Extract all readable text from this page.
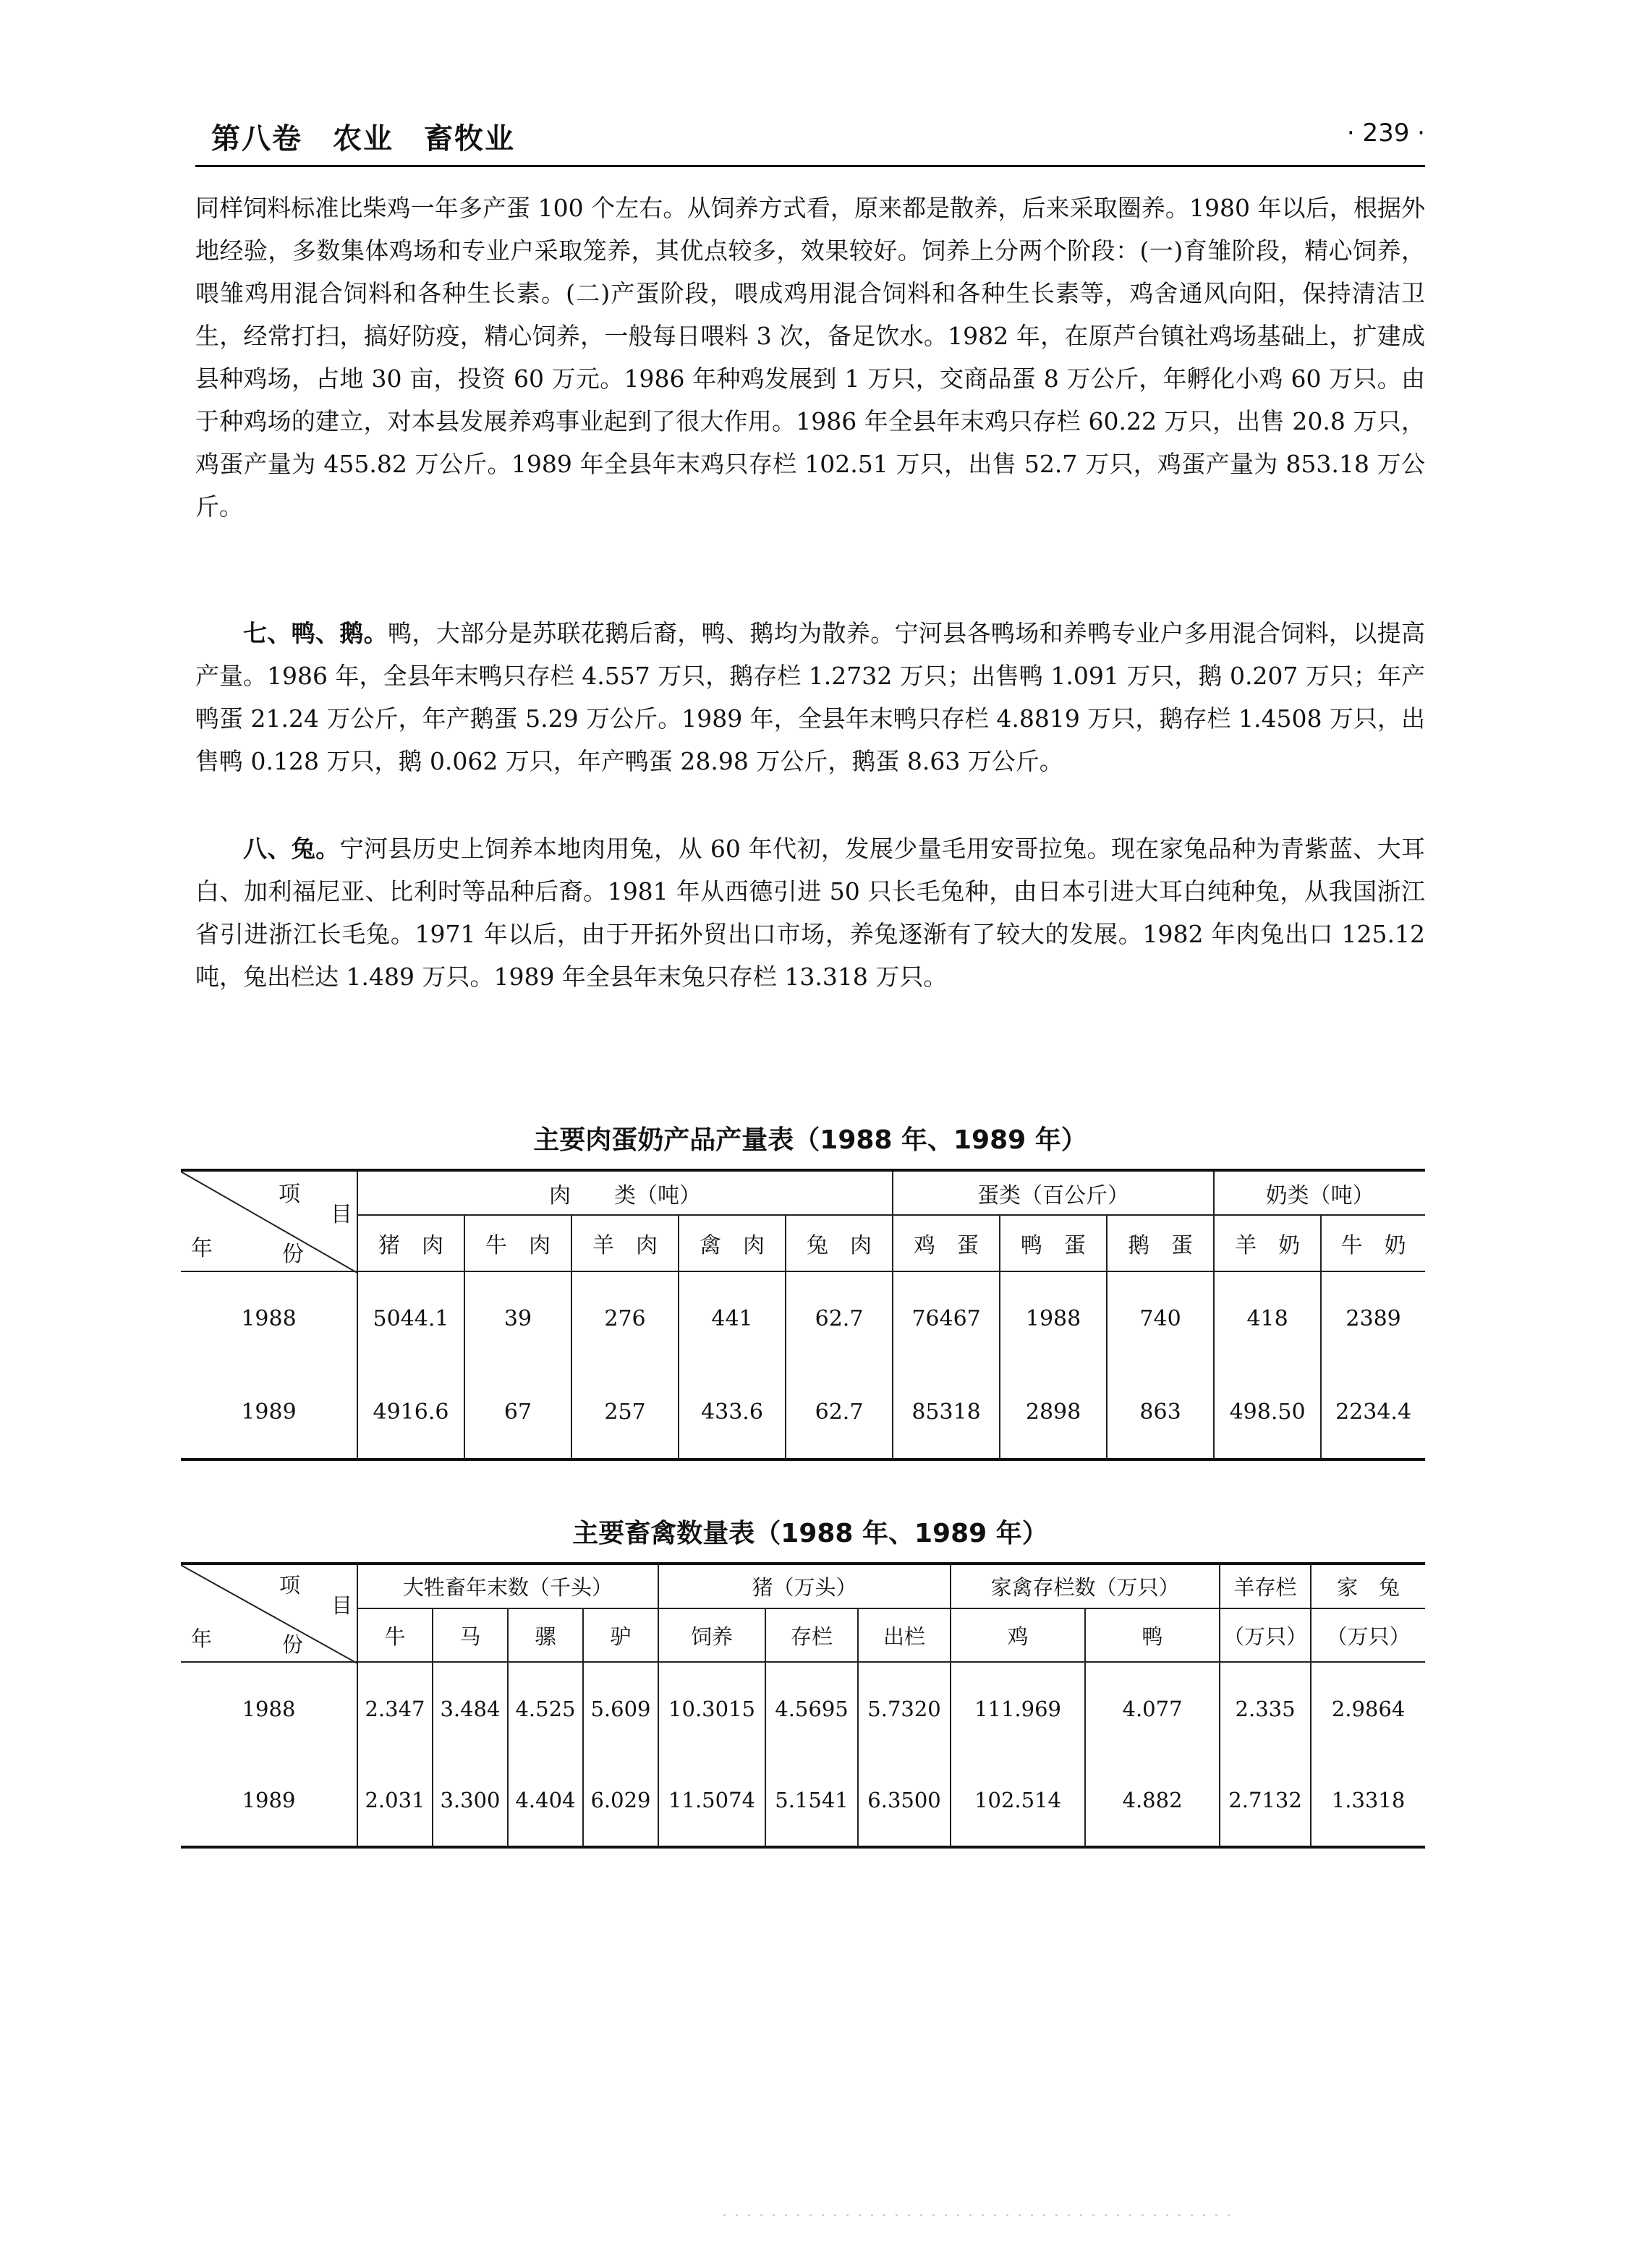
第八卷　农业　畜牧业	· 239 ·
同样饲料标准比柴鸡一年多产蛋 100 个左右。从饲养方式看，原来都是散养，后来采取圈养。1980 年以后，根据外地经验，多数集体鸡场和专业户采取笼养，其优点较多，效果较好。饲养上分两个阶段：(一)育雏阶段，精心饲养，喂雏鸡用混合饲料和各种生长素。(二)产蛋阶段，喂成鸡用混合饲料和各种生长素等，鸡舍通风向阳，保持清洁卫生，经常打扫，搞好防疫，精心饲养，一般每日喂料 3 次，备足饮水。1982 年，在原芦台镇社鸡场基础上，扩建成县种鸡场，占地 30 亩，投资 60 万元。1986 年种鸡发展到 1 万只，交商品蛋 8 万公斤，年孵化小鸡 60 万只。由于种鸡场的建立，对本县发展养鸡事业起到了很大作用。1986 年全县年末鸡只存栏 60.22 万只，出售 20.8 万只，鸡蛋产量为 455.82 万公斤。1989 年全县年末鸡只存栏 102.51 万只，出售 52.7 万只，鸡蛋产量为 853.18 万公斤。
七、鸭、鹅。鸭，大部分是苏联花鹅后裔，鸭、鹅均为散养。宁河县各鸭场和养鸭专业户多用混合饲料，以提高产量。1986 年，全县年末鸭只存栏 4.557 万只，鹅存栏 1.2732 万只；出售鸭 1.091 万只，鹅 0.207 万只；年产鸭蛋 21.24 万公斤，年产鹅蛋 5.29 万公斤。1989 年，全县年末鸭只存栏 4.8819 万只，鹅存栏 1.4508 万只，出售鸭 0.128 万只，鹅 0.062 万只，年产鸭蛋 28.98 万公斤，鹅蛋 8.63 万公斤。
八、兔。宁河县历史上饲养本地肉用兔，从 60 年代初，发展少量毛用安哥拉兔。现在家兔品种为青紫蓝、大耳白、加利福尼亚、比利时等品种后裔。1981 年从西德引进 50 只长毛兔种，由日本引进大耳白纯种兔，从我国浙江省引进浙江长毛兔。1971 年以后，由于开拓外贸出口市场，养兔逐渐有了较大的发展。1982 年肉兔出口 125.12 吨，兔出栏达 1.489 万只。1989 年全县年末兔只存栏 13.318 万只。
主要肉蛋奶产品产量表（1988 年、1989 年）
项
目
年 份	肉　　类（吨）					蛋类（百公斤）			奶类（吨）	
	猪　肉	牛　肉	羊　肉	禽　肉	兔　肉	鸡　蛋	鸭　蛋	鹅　蛋	羊　奶	牛　奶
1988	5044.1	39	276	441	62.7	76467	1988	740	418	2389
1989	4916.6	67	257	433.6	62.7	85318	2898	863	498.50	2234.4
主要畜禽数量表（1988 年、1989 年）
项
目
年 份	大牲畜年末数（千头）				猪（万头）			家禽存栏数（万只）		羊存栏	家　兔
	牛	马	骡	驴	饲养	存栏	出栏	鸡	鸭	（万只）	（万只）
1988	2.347	3.484	4.525	5.609	10.3015	4.5695	5.7320	111.969	4.077	2.335	2.9864
1989	2.031	3.300	4.404	6.029	11.5074	5.1541	6.3500	102.514	4.882	2.7132	1.3318
